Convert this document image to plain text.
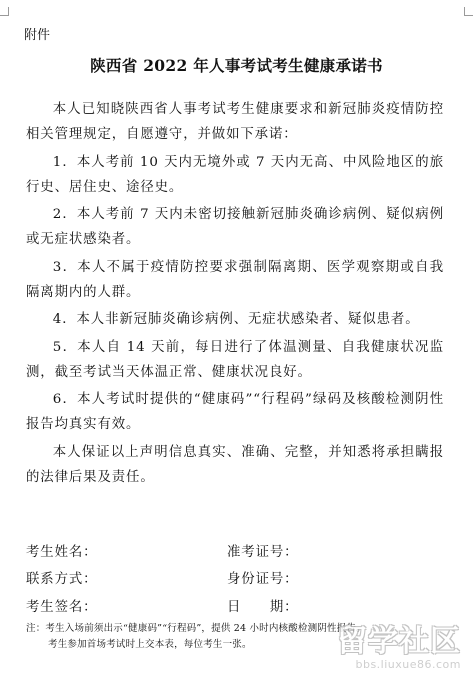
附件
陕西省 2022 年人事考试考生健康承诺书

本人已知晓陕西省人事考试考生健康要求和新冠肺炎疫情防控相关管理规定，自愿遵守，并做如下承诺：

1．本人考前 10 天内无境外或 7 天内无高、中风险地区的旅行史、居住史、途径史。

2．本人考前 7 天内未密切接触新冠肺炎确诊病例、疑似病例或无症状感染者。

3．本人不属于疫情防控要求强制隔离期、医学观察期或自我隔离期内的人群。

4．本人非新冠肺炎确诊病例、无症状感染者、疑似患者。

5．本人自 14 天前，每日进行了体温测量、自我健康状况监测，截至考试当天体温正常、健康状况良好。

6．本人考试时提供的“健康码”“行程码”绿码及核酸检测阴性报告均真实有效。

本人保证以上声明信息真实、准确、完整，并知悉将承担瞒报的法律后果及责任。

考生姓名：	准考证号：
联系方式：	身份证号：
考生签名：	日　　期：
注：考生入场前须出示“健康码”“行程码”，提供 24 小时内核酸检测阴性报告。
考生参加首场考试时上交本表，每位考生一张。	留学社区
bbs.liuxue86.com
